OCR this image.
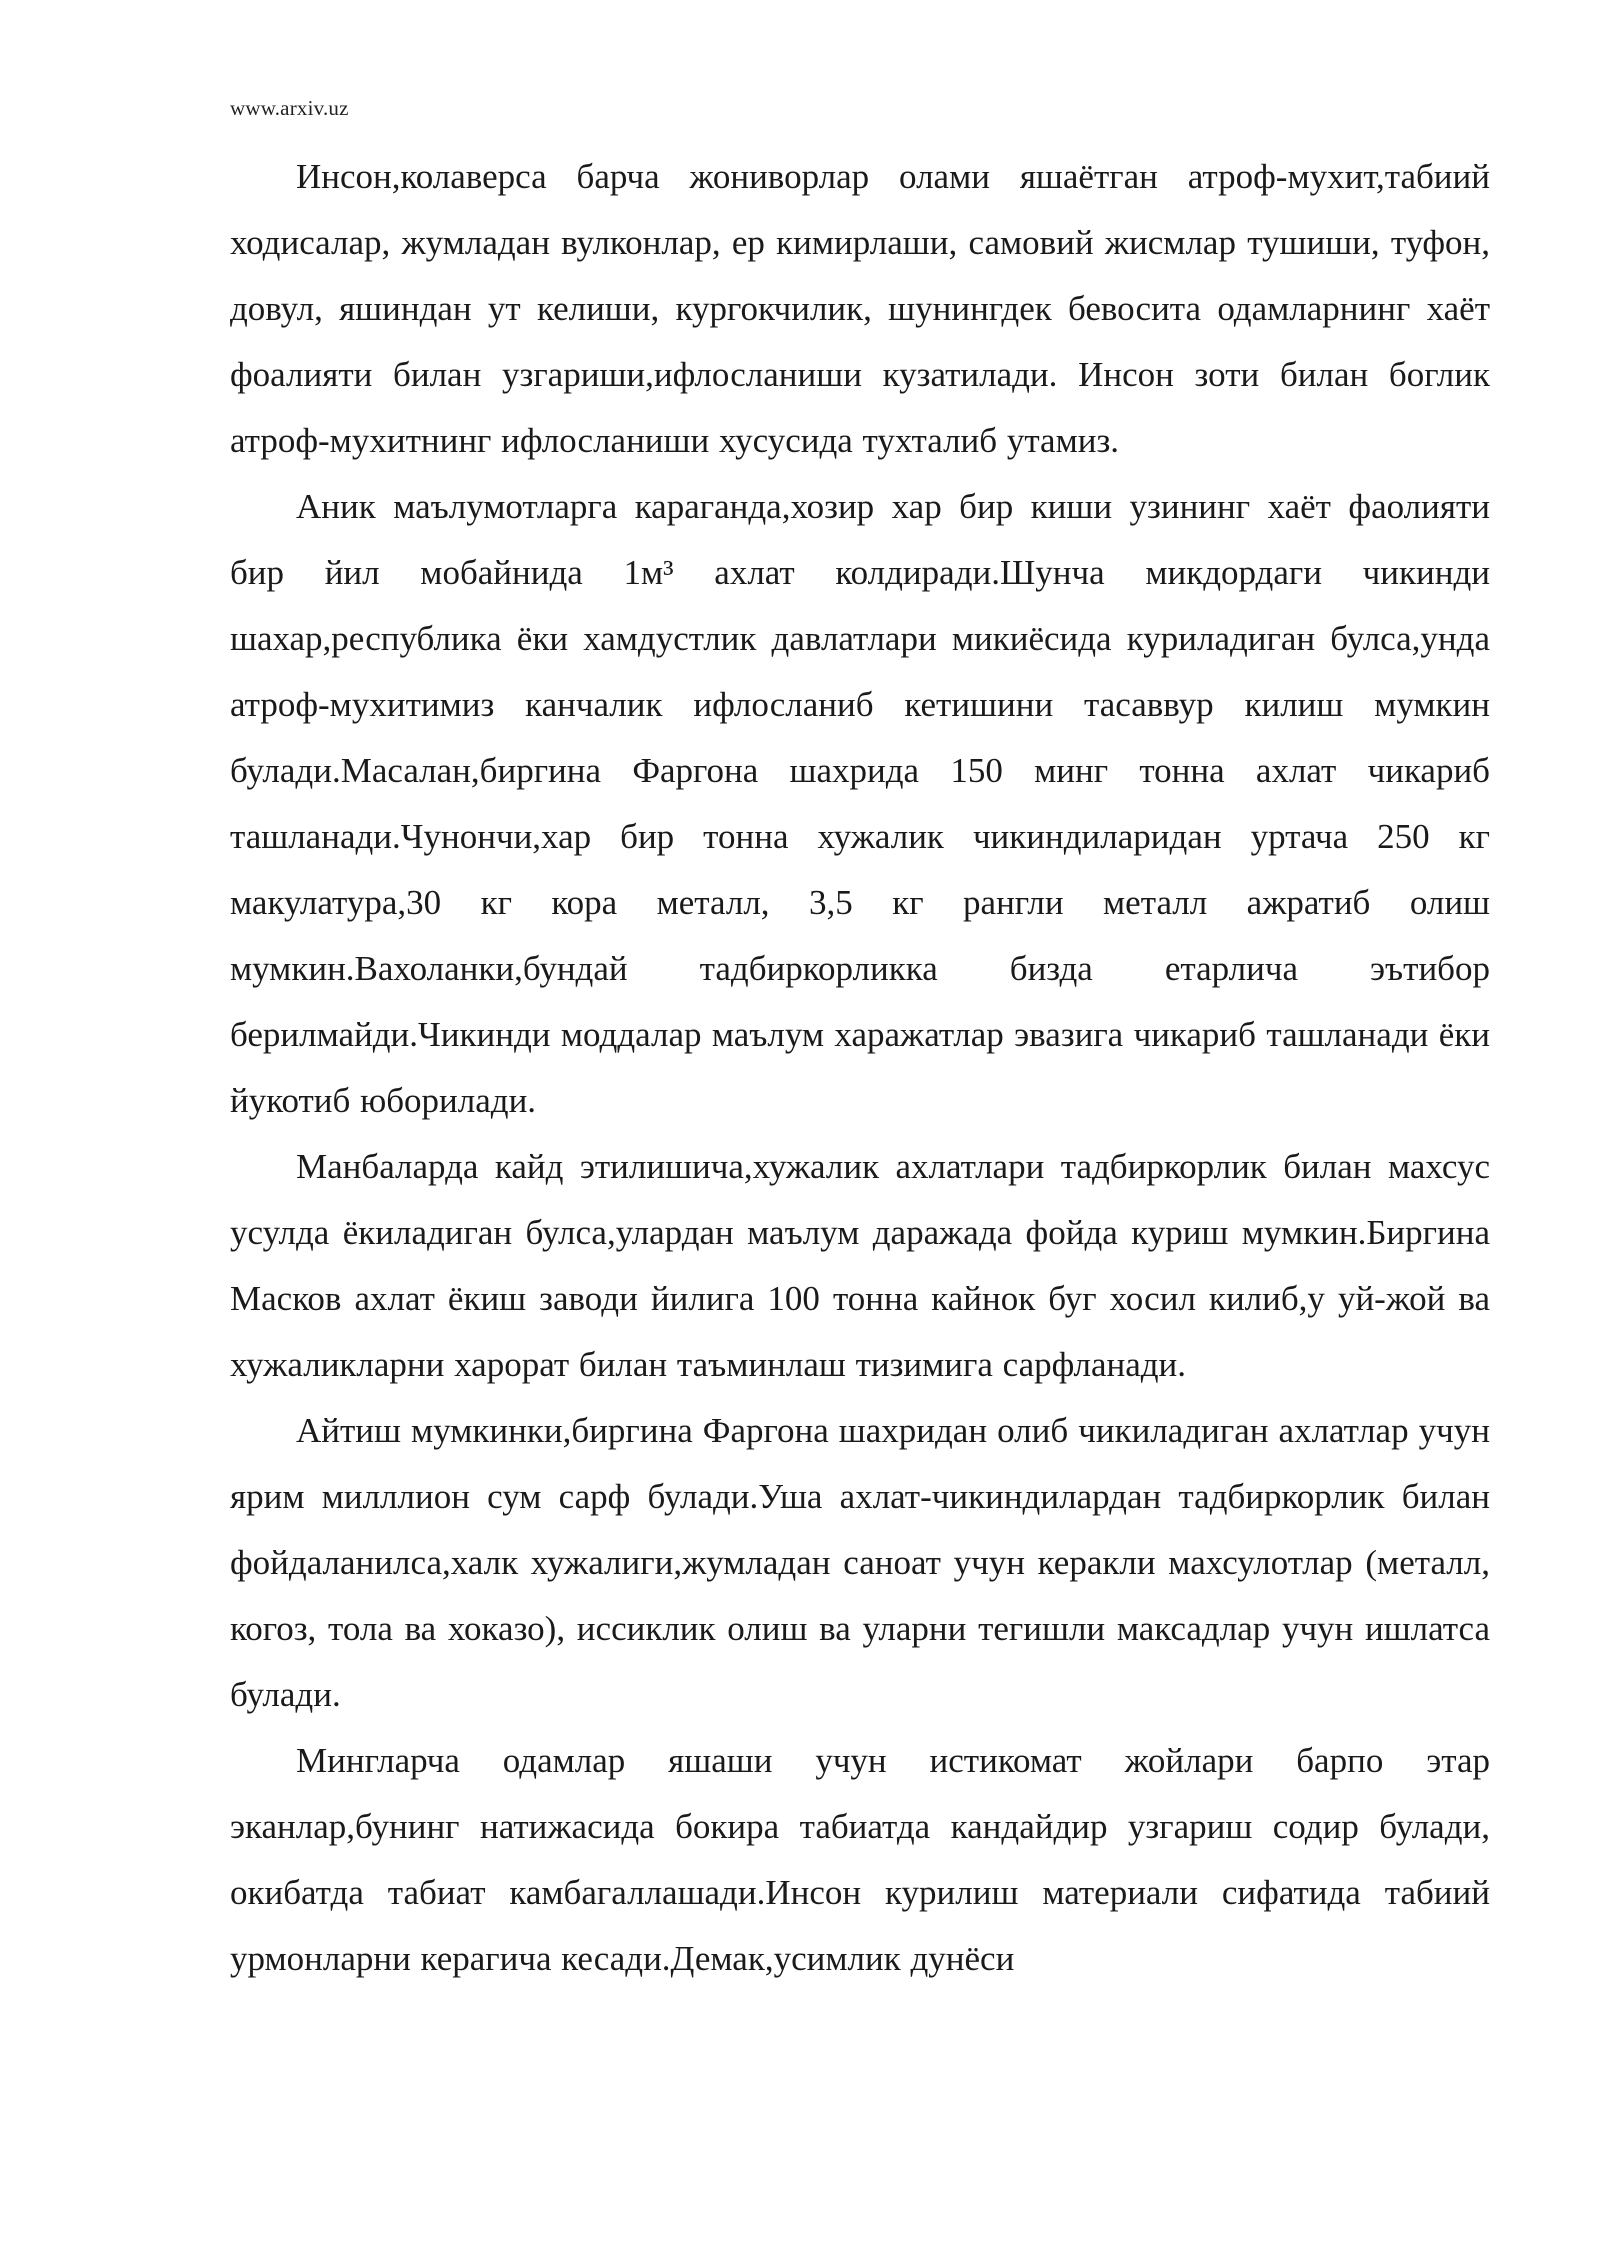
www.arxiv.uz

Инсон,колаверса барча жониворлар олами яшаётган атроф-мухит,табиий ходисалар, жумладан вулконлар, ер кимирлаши, самовий жисмлар тушиши, туфон, довул, яшиндан ут келиши, кургокчилик, шунингдек бевосита одамларнинг хаёт фоалияти билан узгариши,ифлосланиши кузатилади. Инсон зоти билан боглик атроф-мухитнинг ифлосланиши хусусида тухталиб утамиз.

Аник маълумотларга караганда,хозир хар бир киши узининг хаёт фаолияти бир йил мобайнида 1м³ ахлат колдиради.Шунча микдордаги чикинди шахар,республика ёки хамдустлик давлатлари микиёсида куриладиган булса,унда атроф-мухитимиз канчалик ифлосланиб кетишини тасаввур килиш мумкин булади.Масалан,биргина Фаргона шахрида 150 минг тонна ахлат чикариб ташланади.Чунончи,хар бир тонна хужалик чикиндиларидан уртача 250 кг макулатура,30 кг кора металл, 3,5 кг рангли металл ажратиб олиш мумкин.Вахоланки,бундай тадбиркорликка бизда етарлича эътибор берилмайди.Чикинди моддалар маълум харажатлар эвазига чикариб ташланади ёки йукотиб юборилади.

Манбаларда кайд этилишича,хужалик ахлатлари тадбиркорлик билан махсус усулда ёкиладиган булса,улардан маълум даражада фойда куриш мумкин.Биргина Масков ахлат ёкиш заводи йилига 100 тонна кайнок буг хосил килиб,у уй-жой ва хужаликларни харорат билан таъминлаш тизимига сарфланади.

Айтиш мумкинки,биргина Фаргона шахридан олиб чикиладиган ахлатлар учун ярим милллион сум сарф булади.Уша ахлат-чикиндилардан тадбиркорлик билан фойдаланилса,халк хужалиги,жумладан саноат учун керакли махсулотлар (металл, когоз, тола ва хоказо), иссиклик олиш ва уларни тегишли максадлар учун ишлатса булади.

Мингларча одамлар яшаши учун истикомат жойлари барпо этар эканлар,бунинг натижасида бокира табиатда кандайдир узгариш содир булади, окибатда табиат камбагаллашади.Инсон курилиш материали сифатида табиий урмонларни керагича кесади.Демак,усимлик дунёси
